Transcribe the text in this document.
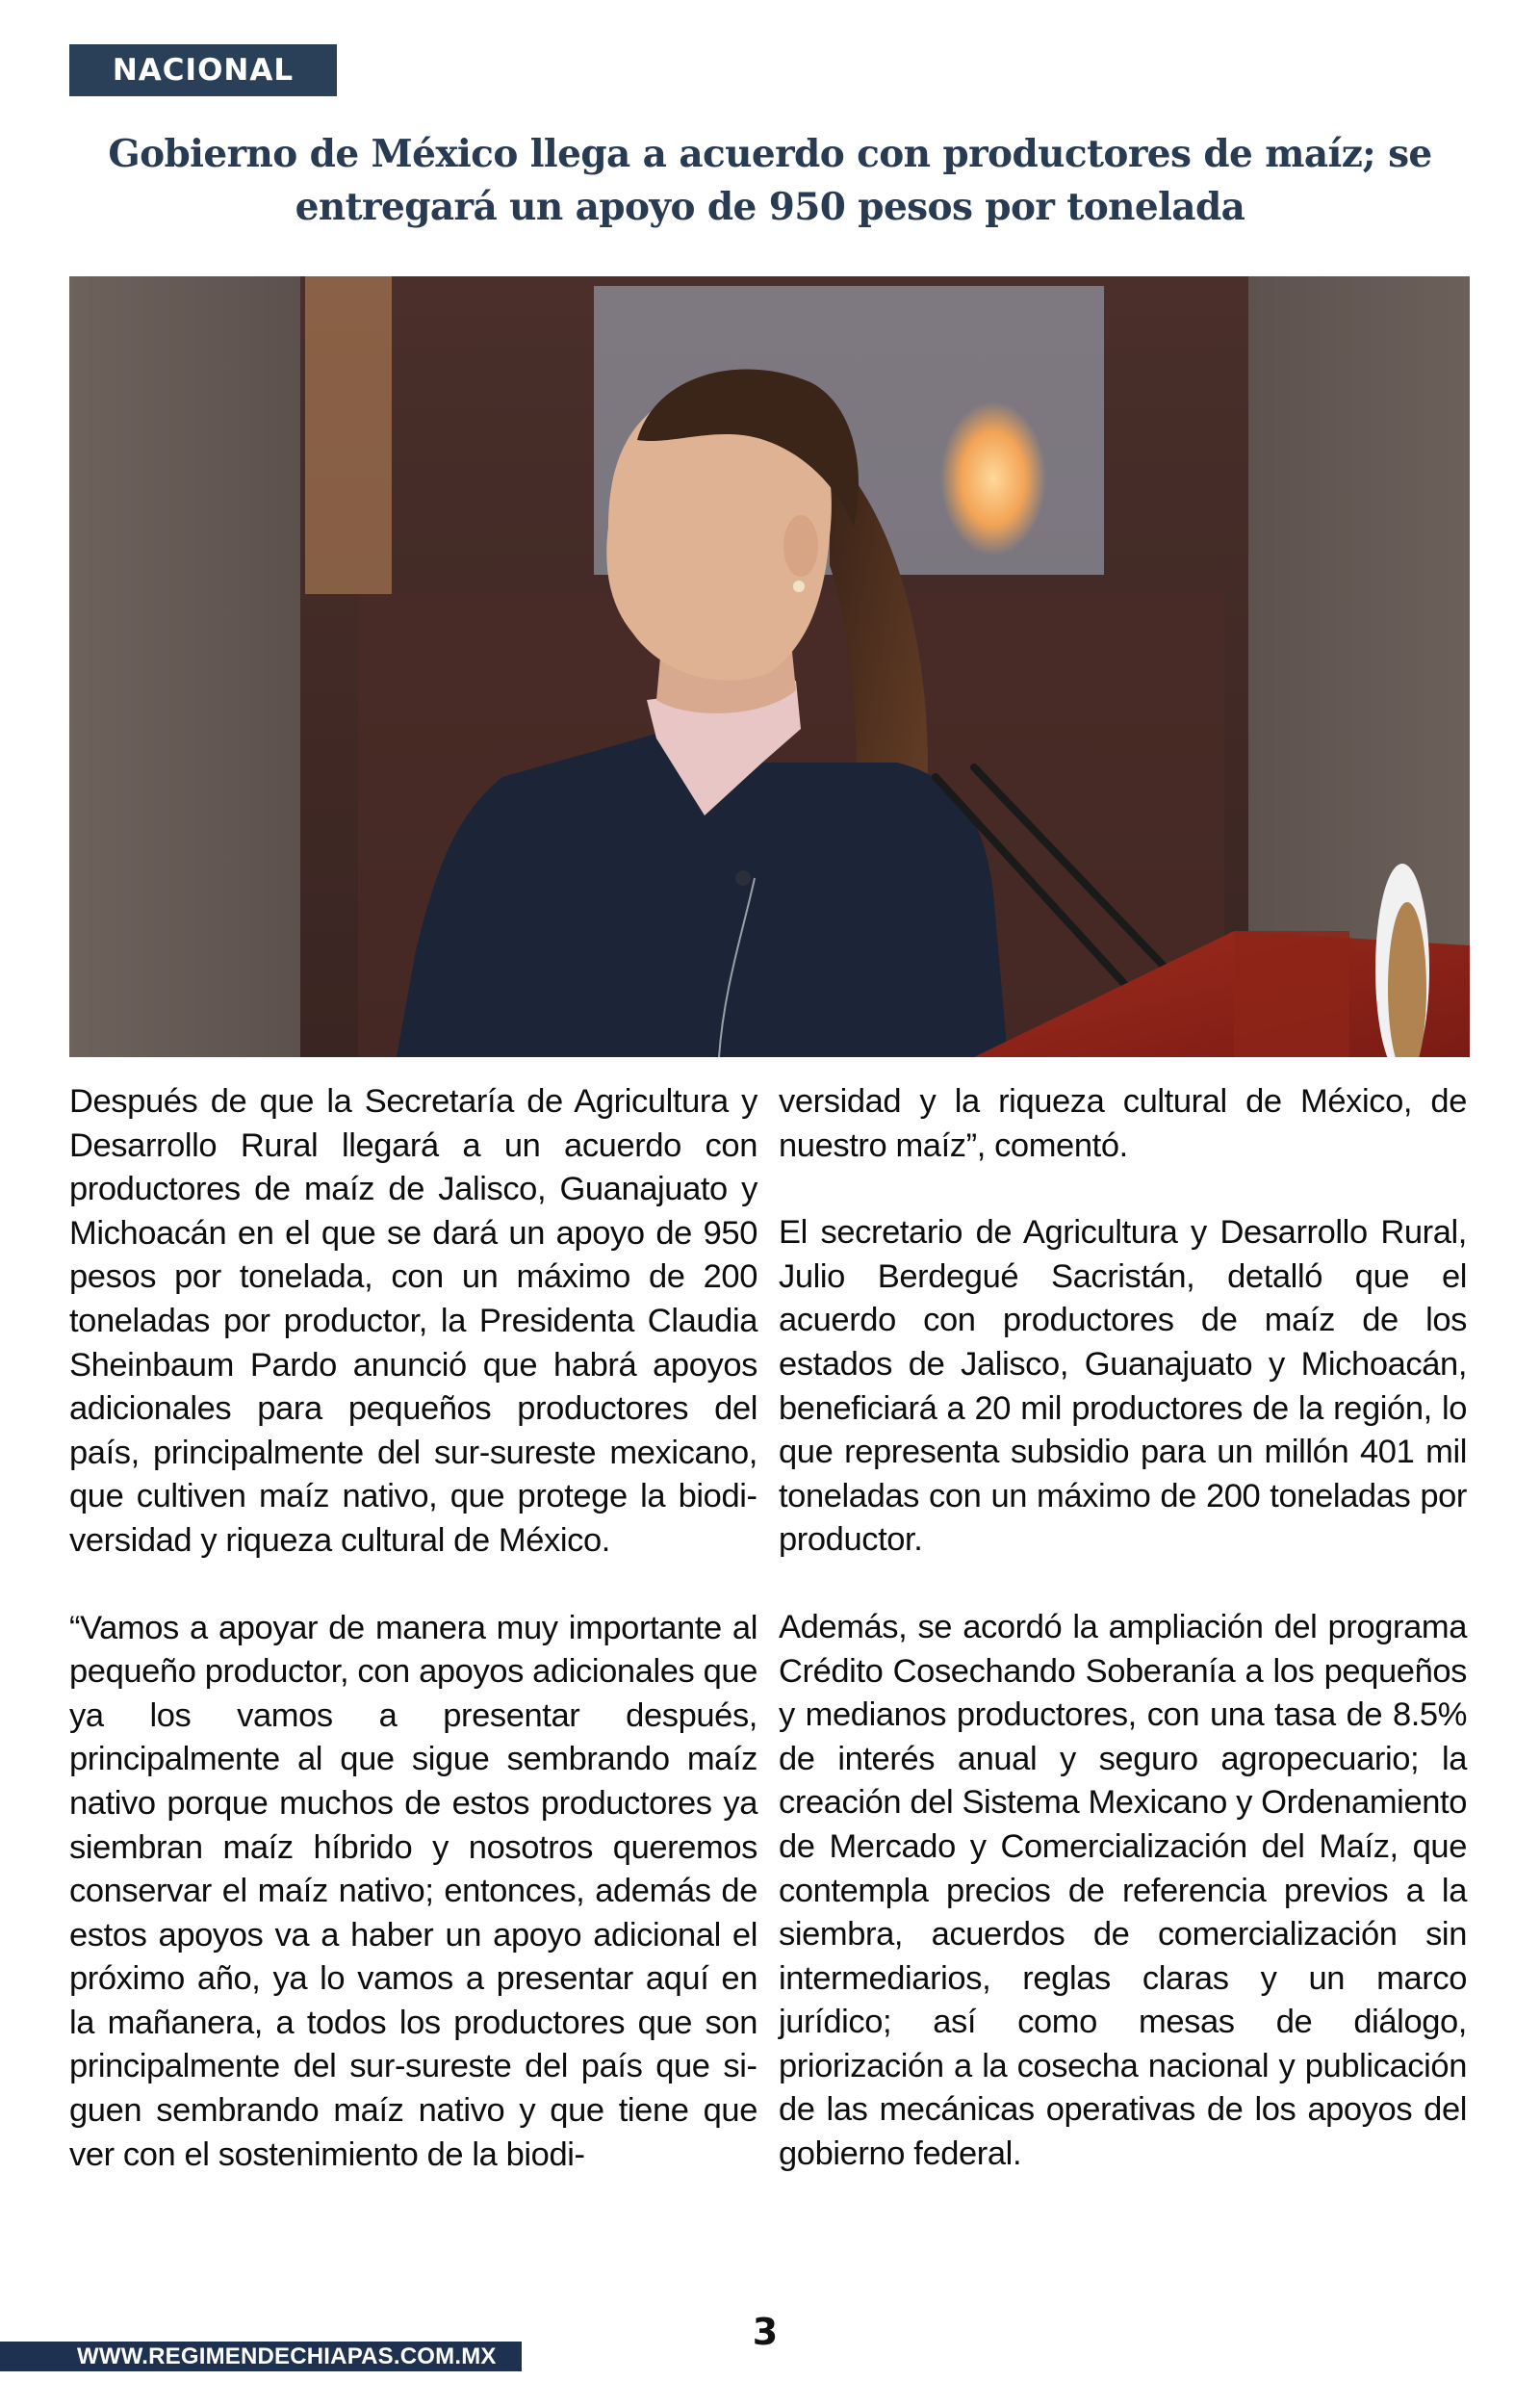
NACIONAL
Gobierno de México llega a acuerdo con productores de maíz; se entregará un apoyo de 950 pesos por tonelada

Después de que la Secretaría de Agricultura y Desarrollo Rural llegará a un acuerdo con productores de maíz de Jalisco, Guanajuato y Michoacán en el que se dará un apoyo de 950 pesos por tonelada, con un máximo de 200 toneladas por productor, la Presidenta Claudia Sheinbaum Pardo anunció que habrá apoyos adicionales para pequeños productores del país, principalmente del sur-sureste mexicano, que cultiven maíz nativo, que protege la biodiversidad y riqueza cultural de México.

“Vamos a apoyar de manera muy importante al pequeño productor, con apoyos adicionales que ya los vamos a presentar después, principalmente al que sigue sembrando maíz nativo porque muchos de estos productores ya siembran maíz híbrido y nosotros queremos conservar el maíz nativo; entonces, además de estos apoyos va a haber un apoyo adicional el próximo año, ya lo vamos a presentar aquí en la mañanera, a todos los productores que son principalmente del sur-sureste del país que siguen sembrando maíz nativo y que tiene que ver con el sostenimiento de la biodi-

versidad y la riqueza cultural de México, de nuestro maíz”, comentó.

El secretario de Agricultura y Desarrollo Rural, Julio Berdegué Sacristán, detalló que el acuerdo con productores de maíz de los estados de Jalisco, Guanajuato y Michoacán, beneficiará a 20 mil productores de la región, lo que representa subsidio para un millón 401 mil toneladas con un máximo de 200 toneladas por productor.

Además, se acordó la ampliación del programa Crédito Cosechando Soberanía a los pequeños y medianos productores, con una tasa de 8.5% de interés anual y seguro agropecuario; la creación del Sistema Mexicano y Ordenamiento de Mercado y Comercialización del Maíz, que contempla precios de referencia previos a la siembra, acuerdos de comercialización sin intermediarios, reglas claras y un marco jurídico; así como mesas de diálogo, priorización a la cosecha nacional y publicación de las mecánicas operativas de los apoyos del gobierno federal.

WWW.REGIMENDECHIAPAS.COM.MX
3
